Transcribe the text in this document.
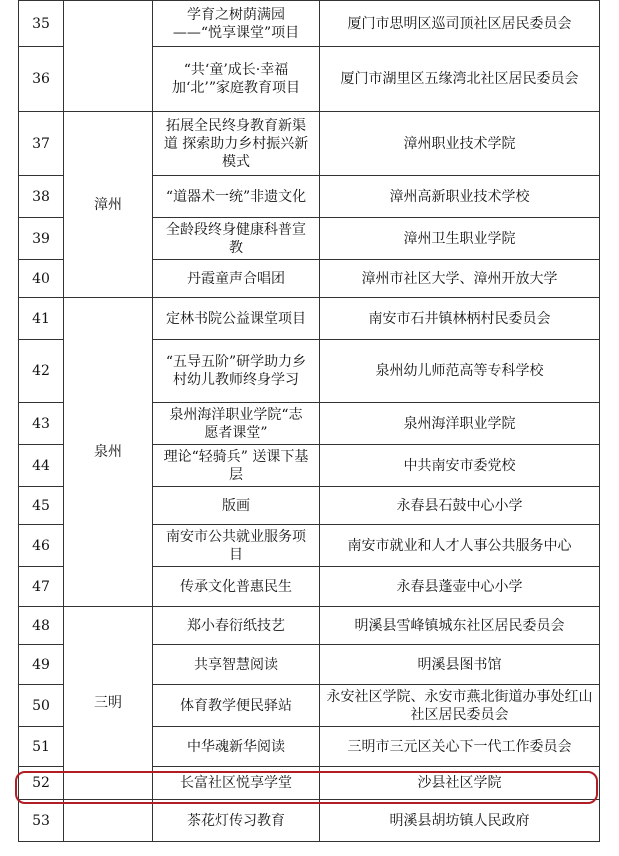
35		学育之树荫满园——“悦享课堂”项目	厦门市思明区巡司顶社区居民委员会
36		“共‘童’成长·幸福加‘北’”家庭教育项目	厦门市湖里区五缘湾北社区居民委员会
37	漳州	拓展全民终身教育新渠道 探索助力乡村振兴新模式	漳州职业技术学院
38		“道器术一统”非遗文化	漳州高新职业技术学校
39		全龄段终身健康科普宣教	漳州卫生职业学院
40		丹霞童声合唱团	漳州市社区大学、漳州开放大学
41	泉州	定林书院公益课堂项目	南安市石井镇林柄村民委员会
42		“五导五阶”研学助力乡村幼儿教师终身学习	泉州幼儿师范高等专科学校
43		泉州海洋职业学院“志愿者课堂”	泉州海洋职业学院
44		理论“轻骑兵” 送课下基层	中共南安市委党校
45		版画	永春县石鼓中心小学
46		南安市公共就业服务项目	南安市就业和人才人事公共服务中心
47		传承文化普惠民生	永春县蓬壶中心小学
48	三明	郑小春衍纸技艺	明溪县雪峰镇城东社区居民委员会
49		共享智慧阅读	明溪县图书馆
50		体育教学便民驿站	永安社区学院、永安市燕北街道办事处红山社区居民委员会
51		中华魂新华阅读	三明市三元区关心下一代工作委员会
52		长富社区悦享学堂	沙县社区学院
53		茶花灯传习教育	明溪县胡坊镇人民政府
